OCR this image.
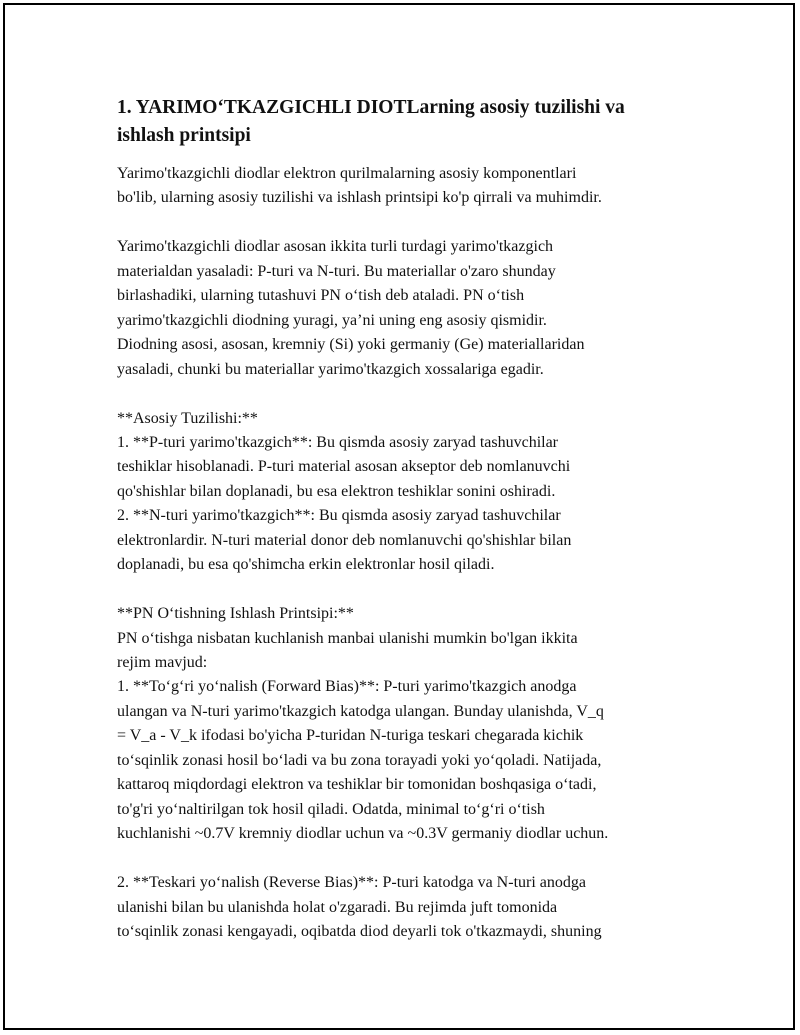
1. YARIMO‘TKAZGICHLI DIOTLarning asosiy tuzilishi va
ishlash printsipi
Yarimo'tkazgichli diodlar elektron qurilmalarning asosiy komponentlari
bo'lib, ularning asosiy tuzilishi va ishlash printsipi ko'p qirrali va muhimdir.
Yarimo'tkazgichli diodlar asosan ikkita turli turdagi yarimo'tkazgich
materialdan yasaladi: P-turi va N-turi. Bu materiallar o'zaro shunday
birlashadiki, ularning tutashuvi PN o‘tish deb ataladi. PN o‘tish
yarimo'tkazgichli diodning yuragi, ya’ni uning eng asosiy qismidir.
Diodning asosi, asosan, kremniy (Si) yoki germaniy (Ge) materiallaridan
yasaladi, chunki bu materiallar yarimo'tkazgich xossalariga egadir.
**Asosiy Tuzilishi:**
1. **P-turi yarimo'tkazgich**: Bu qismda asosiy zaryad tashuvchilar
teshiklar hisoblanadi. P-turi material asosan akseptor deb nomlanuvchi
qo'shishlar bilan doplanadi, bu esa elektron teshiklar sonini oshiradi.
2. **N-turi yarimo'tkazgich**: Bu qismda asosiy zaryad tashuvchilar
elektronlardir. N-turi material donor deb nomlanuvchi qo'shishlar bilan
doplanadi, bu esa qo'shimcha erkin elektronlar hosil qiladi.
**PN O‘tishning Ishlash Printsipi:**
PN o‘tishga nisbatan kuchlanish manbai ulanishi mumkin bo'lgan ikkita
rejim mavjud:
1. **To‘g‘ri yo‘nalish (Forward Bias)**: P-turi yarimo'tkazgich anodga
ulangan va N-turi yarimo'tkazgich katodga ulangan. Bunday ulanishda, V_q
= V_a - V_k ifodasi bo'yicha P-turidan N-turiga teskari chegarada kichik
to‘sqinlik zonasi hosil bo‘ladi va bu zona torayadi yoki yo‘qoladi. Natijada,
kattaroq miqdordagi elektron va teshiklar bir tomonidan boshqasiga o‘tadi,
to'g'ri yo‘naltirilgan tok hosil qiladi. Odatda, minimal to‘g‘ri o‘tish
kuchlanishi ~0.7V kremniy diodlar uchun va ~0.3V germaniy diodlar uchun.
2. **Teskari yo‘nalish (Reverse Bias)**: P-turi katodga va N-turi anodga
ulanishi bilan bu ulanishda holat o'zgaradi. Bu rejimda juft tomonida
to‘sqinlik zonasi kengayadi, oqibatda diod deyarli tok o'tkazmaydi, shuning
